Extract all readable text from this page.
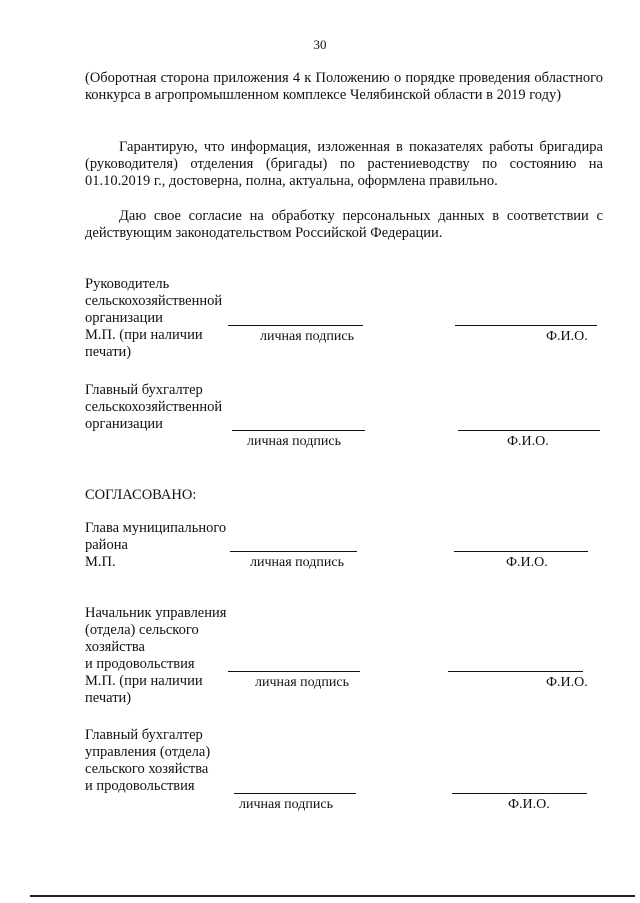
30

(Оборотная сторона приложения 4 к Положению о порядке проведения областного конкурса в агропромышленном комплексе Челябинской области в 2019 году)

Гарантирую, что информация, изложенная в показателях работы бригадира (руководителя) отделения (бригады) по растениеводству по состоянию на 01.10.2019 г., достоверна, полна, актуальна, оформлена правильно.

Даю свое согласие на обработку персональных данных в соответствии с действующим законодательством Российской Федерации.

Руководитель
сельскохозяйственной
организации
М.П. (при наличии
печати)
личная подпись	Ф.И.О.
Главный бухгалтер
сельскохозяйственной
организации
личная подпись	Ф.И.О.
СОГЛАСОВАНО:
Глава муниципального
района
М.П.	личная подпись	Ф.И.О.
Начальник управления
(отдела) сельского
хозяйства
и продовольствия
М.П. (при наличии
печати)
личная подпись	Ф.И.О.
Главный бухгалтер
управления (отдела)
сельского хозяйства
и продовольствия
личная подпись	Ф.И.О.
